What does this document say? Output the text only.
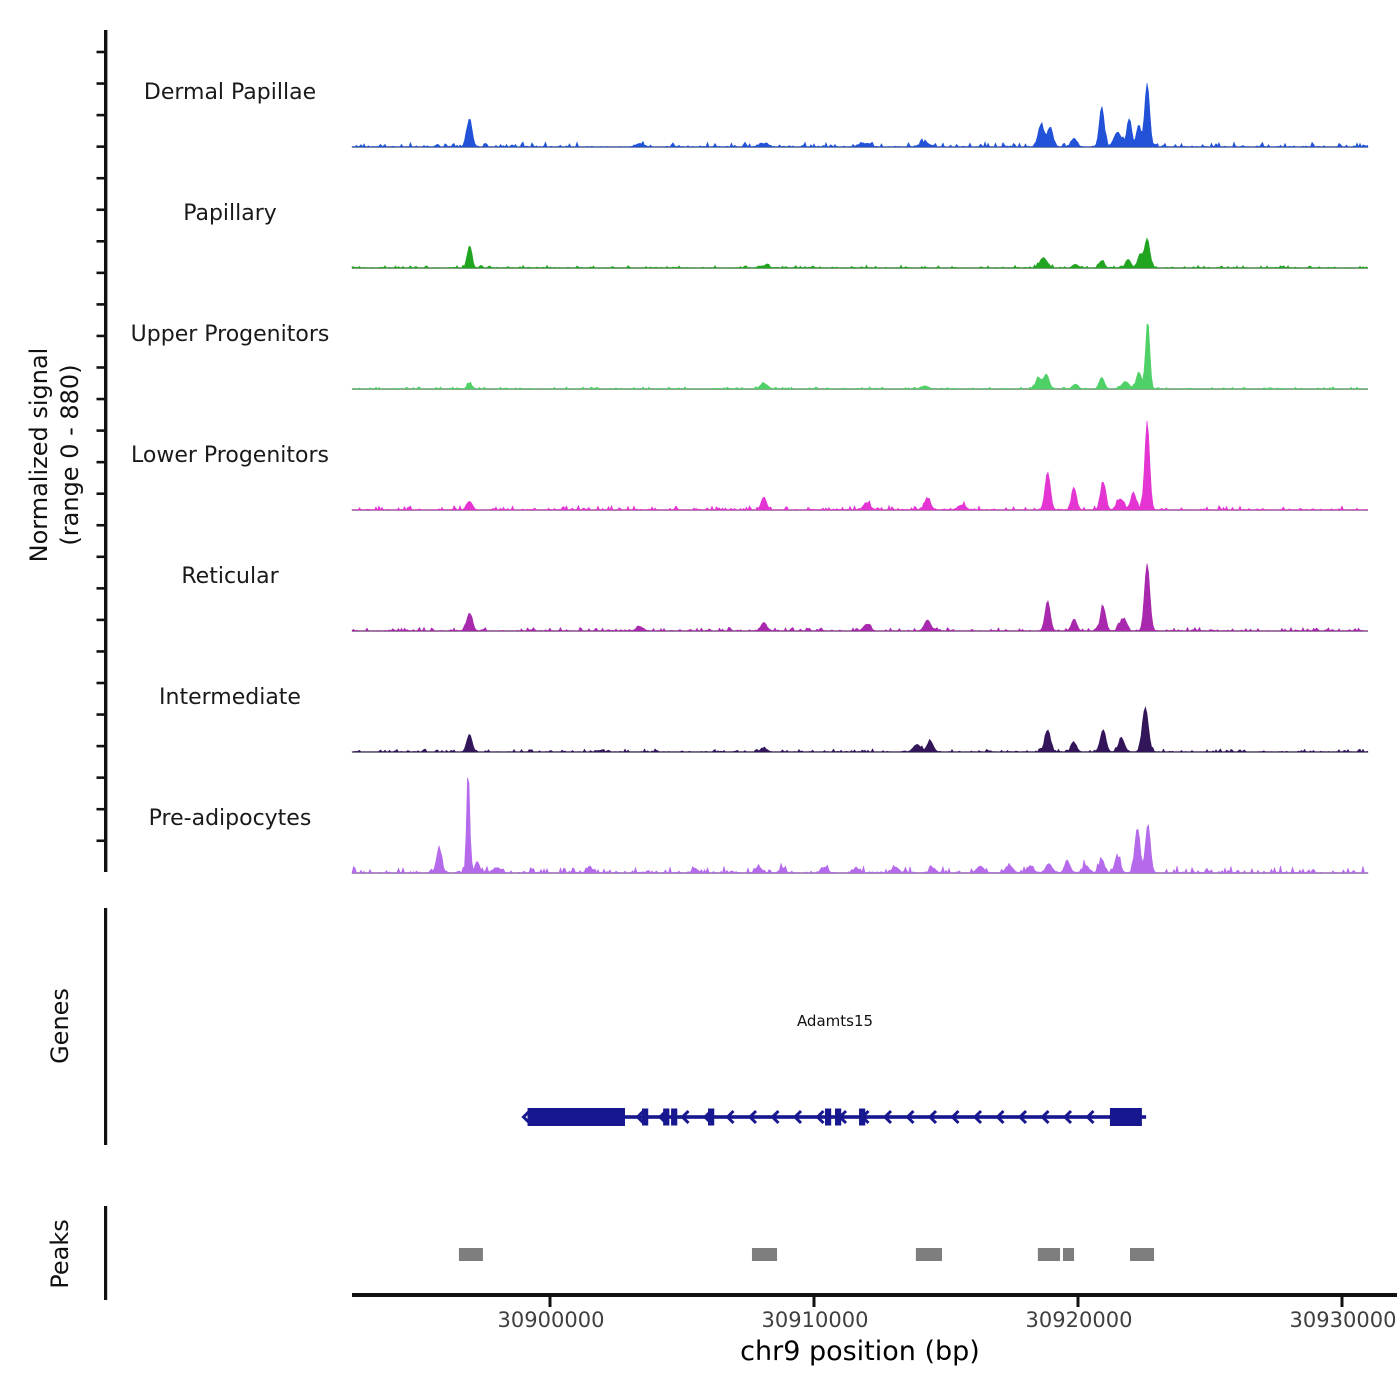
Normalized signal (range 0 - 880)
Genes
Peaks
Dermal Papillae
Papillary
Upper Progenitors
Lower Progenitors
Reticular
Intermediate
Pre-adipocytes
Adamts15
30900000	30910000	30920000	30930000
chr9 position (bp)
